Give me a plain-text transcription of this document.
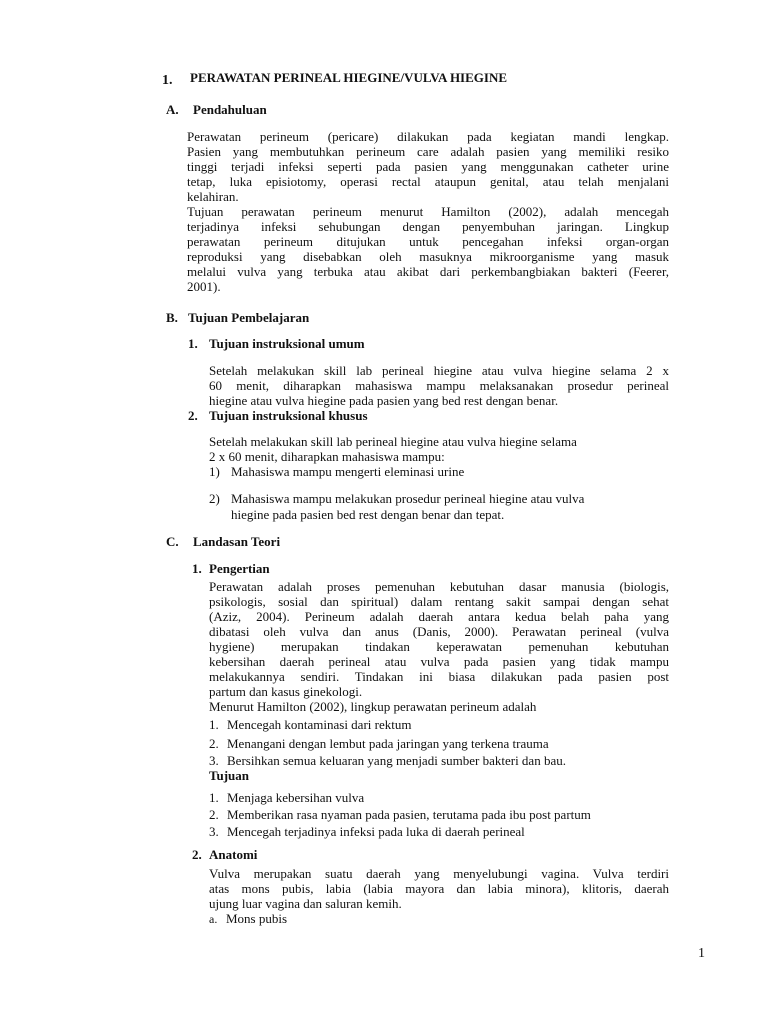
1. PERAWATAN PERINEAL HIEGINE/VULVA HIEGINE
A. Pendahuluan
Perawatan perineum (pericare) dilakukan pada kegiatan mandi lengkap.
Pasien yang membutuhkan perineum care adalah pasien yang memiliki resiko
tinggi terjadi infeksi seperti pada pasien yang menggunakan catheter urine
tetap, luka episiotomy, operasi rectal ataupun genital, atau telah menjalani
kelahiran.
Tujuan perawatan perineum menurut Hamilton (2002), adalah mencegah
terjadinya infeksi sehubungan dengan penyembuhan jaringan. Lingkup
perawatan perineum ditujukan untuk pencegahan infeksi organ-organ
reproduksi yang disebabkan oleh masuknya mikroorganisme yang masuk
melalui vulva yang terbuka atau akibat dari perkembangbiakan bakteri (Feerer,
2001).
B. Tujuan Pembelajaran
1. Tujuan instruksional umum
Setelah melakukan skill lab perineal hiegine atau vulva hiegine selama 2 x
60 menit, diharapkan mahasiswa mampu melaksanakan prosedur perineal
hiegine atau vulva hiegine pada pasien yang bed rest dengan benar.
2. Tujuan instruksional khusus
Setelah melakukan skill lab perineal hiegine atau vulva hiegine selama
2 x 60 menit, diharapkan mahasiswa mampu:
1) Mahasiswa mampu mengerti eleminasi urine
2) Mahasiswa mampu melakukan prosedur perineal hiegine atau vulva
hiegine pada pasien bed rest dengan benar dan tepat.
C. Landasan Teori
1. Pengertian
Perawatan adalah proses pemenuhan kebutuhan dasar manusia (biologis,
psikologis, sosial dan spiritual) dalam rentang sakit sampai dengan sehat
(Aziz, 2004). Perineum adalah daerah antara kedua belah paha yang
dibatasi oleh vulva dan anus (Danis, 2000). Perawatan perineal (vulva
hygiene) merupakan tindakan keperawatan pemenuhan kebutuhan
kebersihan daerah perineal atau vulva pada pasien yang tidak mampu
melakukannya sendiri. Tindakan ini biasa dilakukan pada pasien post
partum dan kasus ginekologi.
Menurut Hamilton (2002), lingkup perawatan perineum adalah
1. Mencegah kontaminasi dari rektum
2. Menangani dengan lembut pada jaringan yang terkena trauma
3. Bersihkan semua keluaran yang menjadi sumber bakteri dan bau.
Tujuan
1. Menjaga kebersihan vulva
2. Memberikan rasa nyaman pada pasien, terutama pada ibu post partum
3. Mencegah terjadinya infeksi pada luka di daerah perineal
2. Anatomi
Vulva merupakan suatu daerah yang menyelubungi vagina. Vulva terdiri
atas mons pubis, labia (labia mayora dan labia minora), klitoris, daerah
ujung luar vagina dan saluran kemih.
a. Mons pubis
1
